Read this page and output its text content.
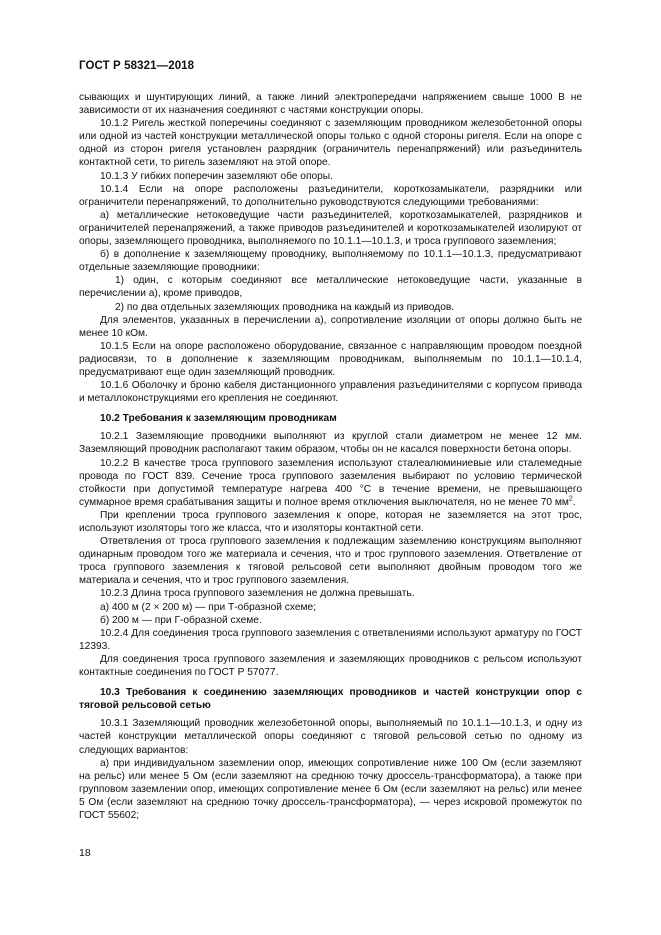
ГОСТ Р 58321—2018

сывающих и шунтирующих линий, а также линий электропередачи напряжением свыше 1000 В не зависимости от их назначения соединяют с частями конструкции опоры.

10.1.2 Ригель жесткой поперечины соединяют с заземляющим проводником железобетонной опоры или одной из частей конструкции металлической опоры только с одной стороны ригеля. Если на опоре с одной из сторон ригеля установлен разрядник (ограничитель перенапряжений) или разъединитель контактной сети, то ригель заземляют на этой опоре.

10.1.3 У гибких поперечин заземляют обе опоры.

10.1.4 Если на опоре расположены разъединители, короткозамыкатели, разрядники или ограничители перенапряжений, то дополнительно руководствуются следующими требованиями:

а) металлические нетоковедущие части разъединителей, короткозамыкателей, разрядников и ограничителей перенапряжений, а также приводов разъединителей и короткозамыкателей изолируют от опоры, заземляющего проводника, выполняемого по 10.1.1—10.1.3, и троса группового заземления;

б) в дополнение к заземляющему проводнику, выполняемому по 10.1.1—10.1.3, предусматривают отдельные заземляющие проводники:

1) один, с которым соединяют все металлические нетоковедущие части, указанные в перечислении а), кроме приводов,

2) по два отдельных заземляющих проводника на каждый из приводов.

Для элементов, указанных в перечислении а), сопротивление изоляции от опоры должно быть не менее 10 кОм.

10.1.5 Если на опоре расположено оборудование, связанное с направляющим проводом поездной радиосвязи, то в дополнение к заземляющим проводникам, выполняемым по 10.1.1—10.1.4, предусматривают еще один заземляющий проводник.

10.1.6 Оболочку и броню кабеля дистанционного управления разъединителями с корпусом привода и металлоконструкциями его крепления не соединяют.

10.2 Требования к заземляющим проводникам

10.2.1 Заземляющие проводники выполняют из круглой стали диаметром не менее 12 мм. Заземляющий проводник располагают таким образом, чтобы он не касался поверхности бетона опоры.

10.2.2 В качестве троса группового заземления используют сталеалюминиевые или сталемедные провода по ГОСТ 839. Сечение троса группового заземления выбирают по условию термической стойкости при допустимой температуре нагрева 400 °С в течение времени, не превышающего суммарное время срабатывания защиты и полное время отключения выключателя, но не менее 70 $мм^2$.

При креплении троса группового заземления к опоре, которая не заземляется на этот трос, используют изоляторы того же класса, что и изоляторы контактной сети.

Ответвления от троса группового заземления к подлежащим заземлению конструкциям выполняют одинарным проводом того же материала и сечения, что и трос группового заземления. Ответвление от троса группового заземления к тяговой рельсовой сети выполняют двойным проводом того же материала и сечения, что и трос группового заземления.

10.2.3 Длина троса группового заземления не должна превышать.

а) 400 м (2 × 200 м) — при Т-образной схеме;

б) 200 м — при Г-образной схеме.

10.2.4 Для соединения троса группового заземления с ответвлениями используют арматуру по ГОСТ 12393.

Для соединения троса группового заземления и заземляющих проводников с рельсом используют контактные соединения по ГОСТ Р 57077.

10.3 Требования к соединению заземляющих проводников и частей конструкции опор с тяговой рельсовой сетью

10.3.1 Заземляющий проводник железобетонной опоры, выполняемый по 10.1.1—10.1.3, и одну из частей конструкции металлической опоры соединяют с тяговой рельсовой сетью по одному из следующих вариантов:

а) при индивидуальном заземлении опор, имеющих сопротивление ниже 100 Ом (если заземляют на рельс) или менее 5 Ом (если заземляют на среднюю точку дроссель-трансформатора), а также при групповом заземлении опор, имеющих сопротивление менее 6 Ом (если заземляют на рельс) или менее 5 Ом (если заземляют на среднюю точку дроссель-трансформатора), — через искровой промежуток по ГОСТ 55602;

18
